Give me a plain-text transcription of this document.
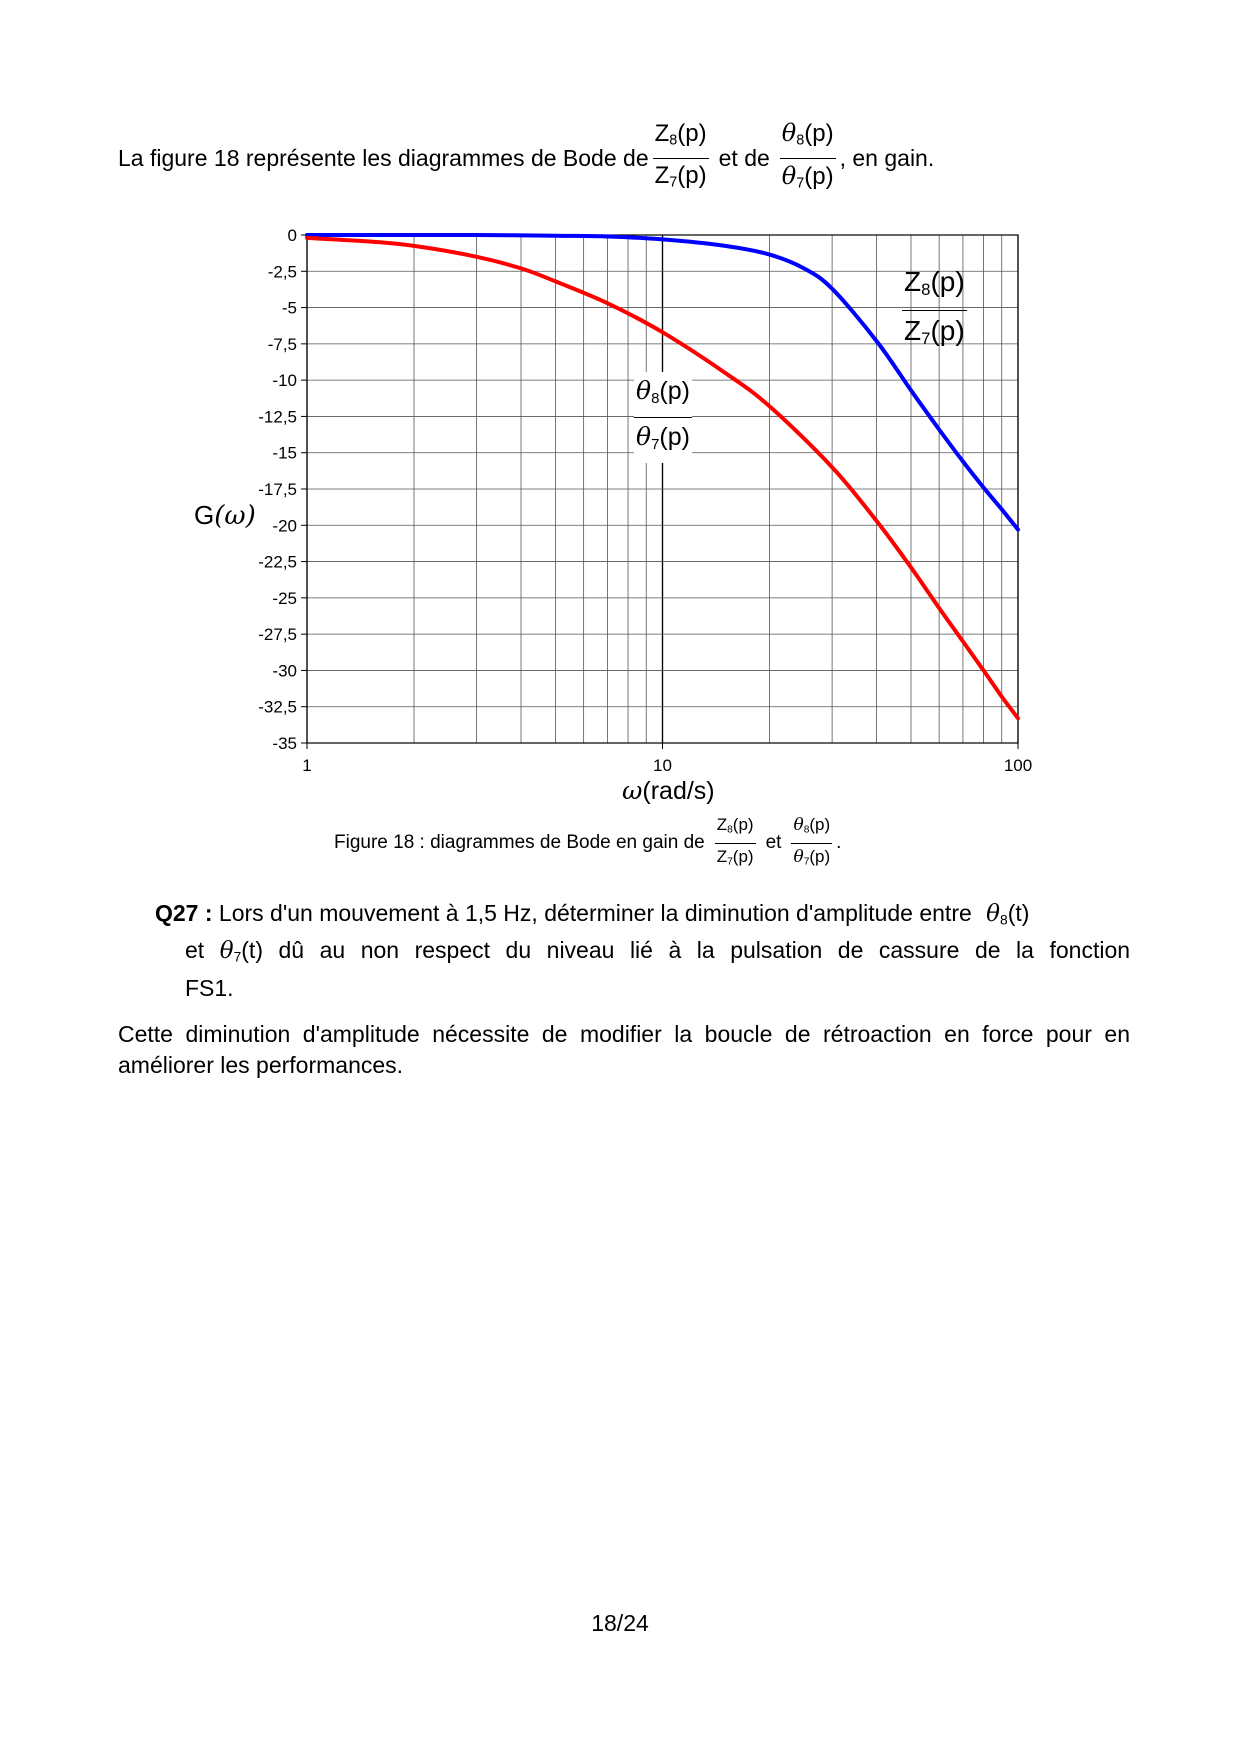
La figure 18 représente les diagrammes de Bode de $\frac{Z_8(p)}{Z_7(p)}$ et de $\frac{\theta_8(p)}{\theta_7(p)}$ , en gain.
0
-2,5
-5
-7,5
-10
-12,5
-15
-17,5
-20
-22,5
-25
-27,5
-30
-32,5
-35
1	10	100
$Z_8(p)$
$Z_7(p)$
$\theta_8(p)$
$\theta_7(p)$
G(ω)
ω(rad/s)
Figure 18 : diagrammes de Bode en gain de $\frac{Z_8(p)}{Z_7(p)}$ et $\frac{\theta_8(p)}{\theta_7(p)}$ .

Q27 : Lors d'un mouvement à 1,5 Hz, déterminer la diminution d'amplitude entre $\theta_8(t)$

et $\theta_7(t)$ dû au non respect du niveau lié à la pulsation de cassure de la fonction

FS1.

Cette diminution d'amplitude nécessite de modifier la boucle de rétroaction en force pour en améliorer les performances.
18/24
